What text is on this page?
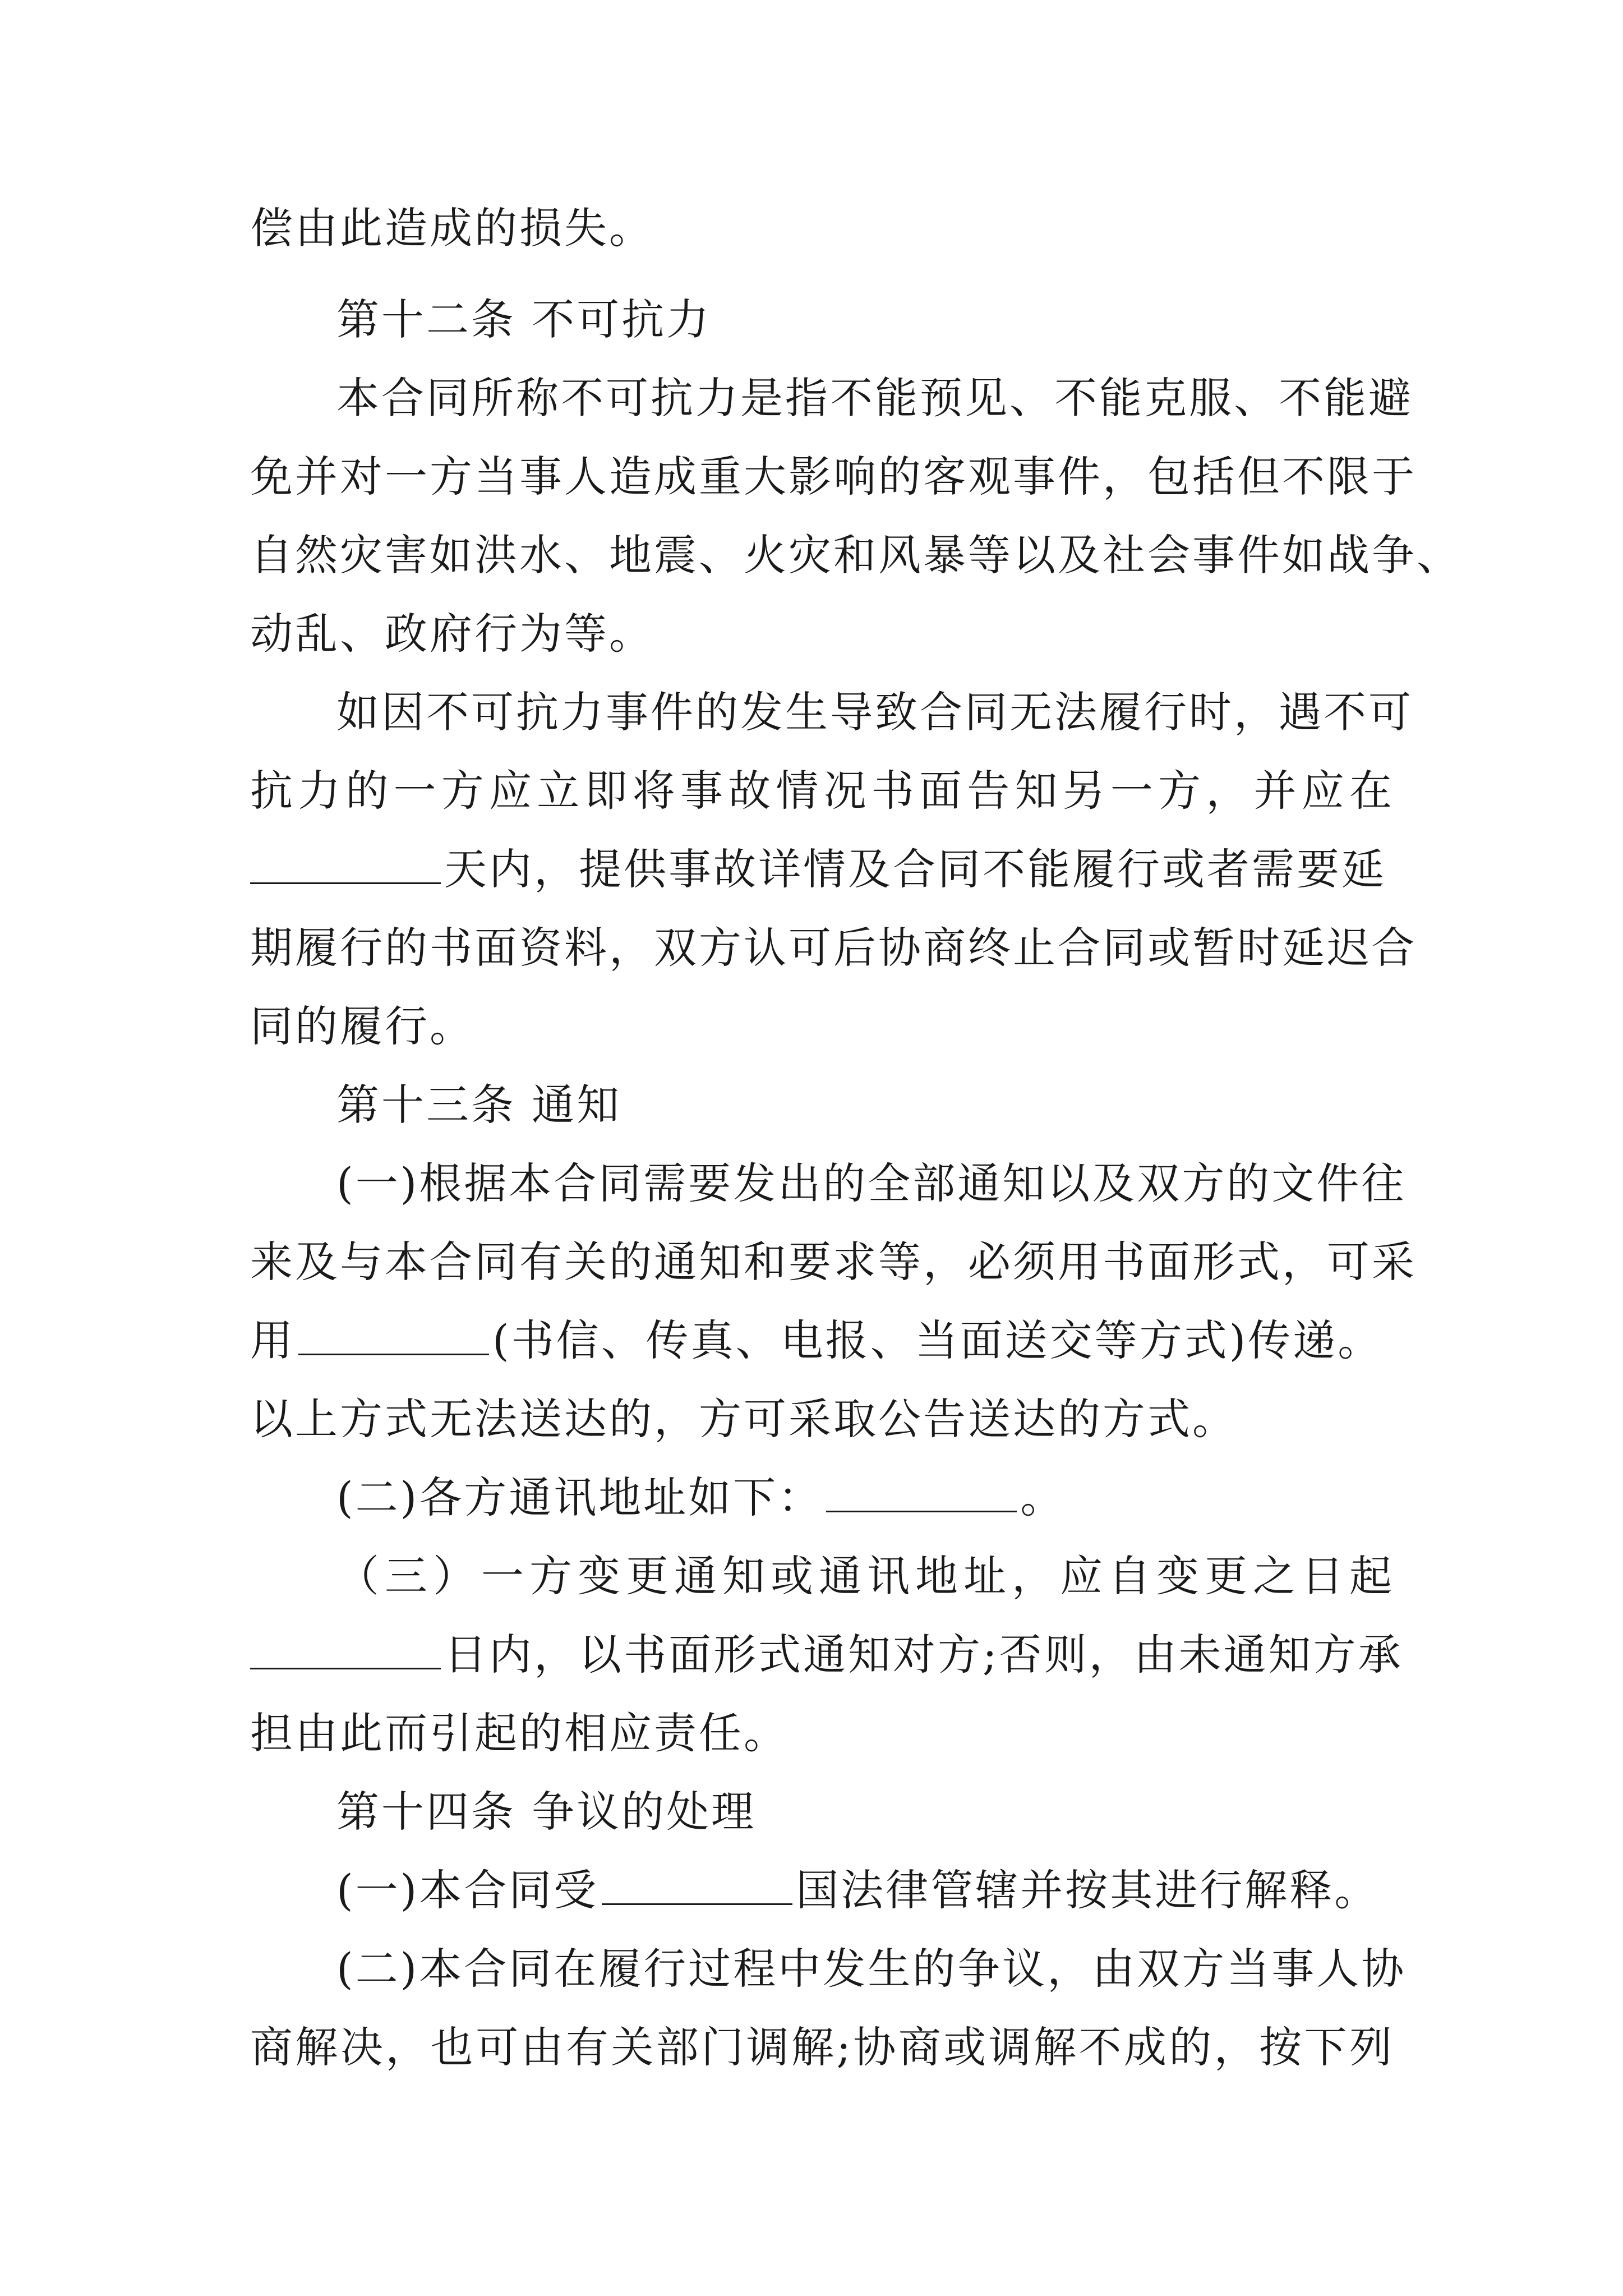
偿由此造成的损失。
第十二条 不可抗力
本合同所称不可抗力是指不能预见、不能克服、不能避
免并对一方当事人造成重大影响的客观事件，包括但不限于
自然灾害如洪水、地震、火灾和风暴等以及社会事件如战争、
动乱、政府行为等。
如因不可抗力事件的发生导致合同无法履行时，遇不可
抗力的一方应立即将事故情况书面告知另一方，并应在
天内，提供事故详情及合同不能履行或者需要延
期履行的书面资料，双方认可后协商终止合同或暂时延迟合
同的履行。
第十三条 通知
(一)根据本合同需要发出的全部通知以及双方的文件往
来及与本合同有关的通知和要求等，必须用书面形式，可采
用	(书信、传真、电报、当面送交等方式)传递。
以上方式无法送达的，方可采取公告送达的方式。
(二)各方通讯地址如下：	。
（三）一方变更通知或通讯地址，应自变更之日起
日内，以书面形式通知对方;否则，由未通知方承
担由此而引起的相应责任。
第十四条 争议的处理
(一)本合同受	国法律管辖并按其进行解释。
(二)本合同在履行过程中发生的争议，由双方当事人协
商解决，也可由有关部门调解;协商或调解不成的，按下列
